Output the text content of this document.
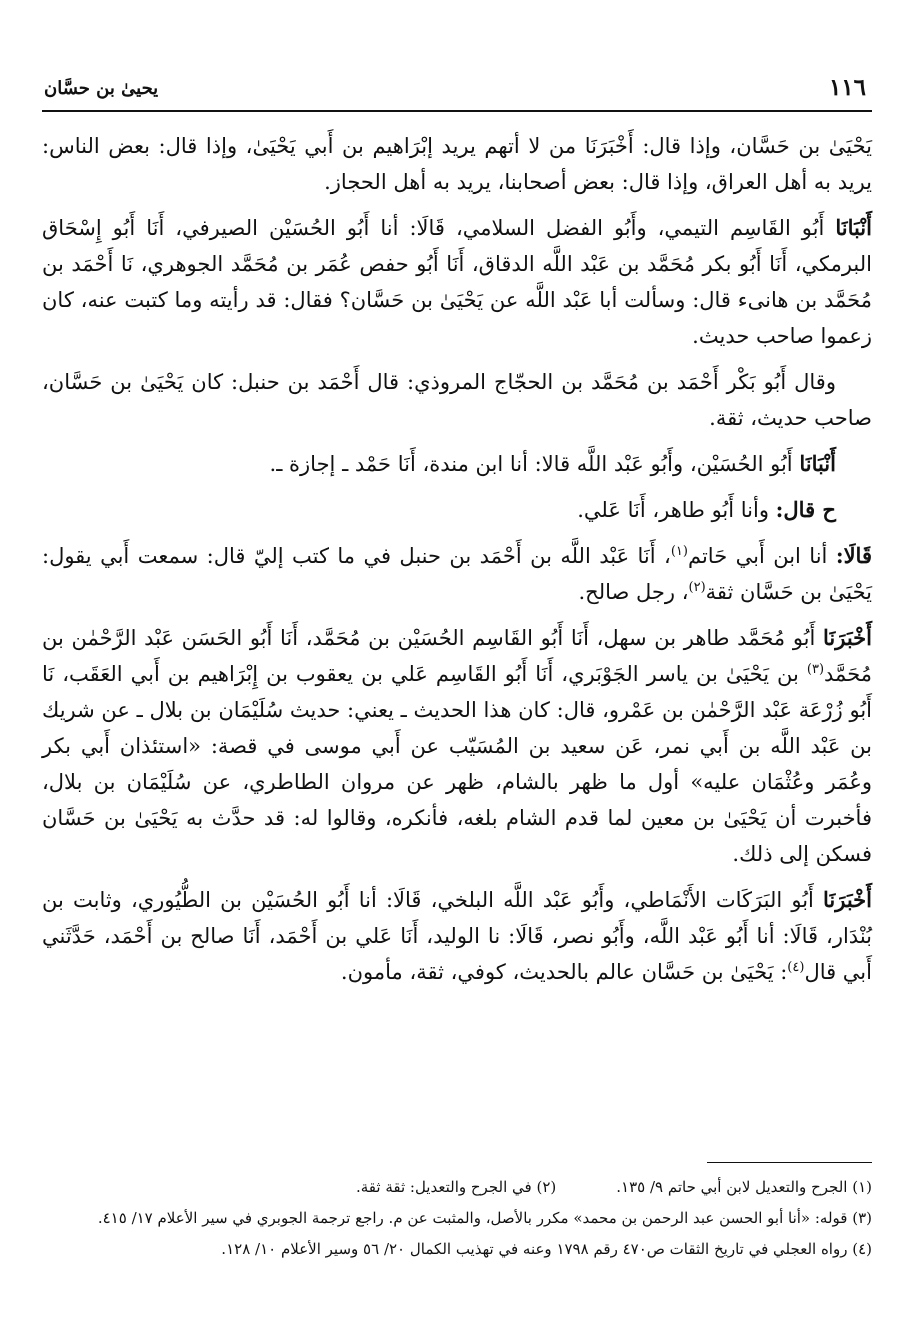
١١٦
يحيىٰ بن حسَّان

يَحْيَىٰ بن حَسَّان، وإذا قال: أَخْبَرَنَا من لا أتهم يريد إبْرَاهيم بن أَبي يَحْيَىٰ، وإذا قال: بعض الناس: يريد به أهل العراق، وإذا قال: بعض أصحابنا، يريد به أهل الحجاز.

أَنْبَانَا أَبُو القَاسِم التيمي، وأَبُو الفضل السلامي، قَالَا: أنا أَبُو الحُسَيْن الصيرفي، أَنَا أَبُو إِسْحَاق البرمكي، أَنَا أَبُو بكر مُحَمَّد بن عَبْد اللَّه الدقاق، أَنَا أَبُو حفص عُمَر بن مُحَمَّد الجوهري، نَا أَحْمَد بن مُحَمَّد بن هانىء قال: وسألت أبا عَبْد اللَّه عن يَحْيَىٰ بن حَسَّان؟ فقال: قد رأيته وما كتبت عنه، كان زعموا صاحب حديث.

وقال أَبُو بَكْر أَحْمَد بن مُحَمَّد بن الحجّاج المروذي: قال أَحْمَد بن حنبل: كان يَحْيَىٰ بن حَسَّان، صاحب حديث، ثقة.

أَنْبَانَا أَبُو الحُسَيْن، وأَبُو عَبْد اللَّه قالا: أنا ابن مندة، أَنَا حَمْد ـ إجازة ـ.

ح قال: وأنا أَبُو طاهر، أَنَا عَلي.

قَالَا: أنا ابن أَبي حَاتم$^{(١)}$، أَنَا عَبْد اللَّه بن أَحْمَد بن حنبل في ما كتب إليّ قال: سمعت أَبي يقول: يَحْيَىٰ بن حَسَّان ثقة$^{(٢)}$، رجل صالح.

أَخْبَرَنَا أَبُو مُحَمَّد طاهر بن سهل، أَنَا أَبُو القَاسِم الحُسَيْن بن مُحَمَّد، أَنَا أَبُو الحَسَن عَبْد الرَّحْمٰن بن مُحَمَّد$^{(٣)}$ بن يَحْيَىٰ بن ياسر الجَوْبَري، أَنَا أَبُو القَاسِم عَلي بن يعقوب بن إِبْرَاهيم بن أَبي العَقَب، نَا أَبُو زُرْعَة عَبْد الرَّحْمٰن بن عَمْرو، قال: كان هذا الحديث ـ يعني: حديث سُلَيْمَان بن بلال ـ عن شريك بن عَبْد اللَّه بن أَبي نمر، عَن سعيد بن المُسَيّب عن أَبي موسى في قصة: «استئذان أَبي بكر وعُمَر وعُثْمَان عليه» أول ما ظهر بالشام، ظهر عن مروان الطاطري، عن سُلَيْمَان بن بلال، فأخبرت أن يَحْيَىٰ بن معين لما قدم الشام بلغه، فأنكره، وقالوا له: قد حدَّث به يَحْيَىٰ بن حَسَّان فسكن إلى ذلك.

أَخْبَرَنَا أَبُو البَرَكَات الأَنْمَاطي، وأَبُو عَبْد اللَّه البلخي، قَالَا: أنا أَبُو الحُسَيْن بن الطُّيُوري، وثابت بن بُنْدَار، قَالَا: أنا أَبُو عَبْد اللَّه، وأَبُو نصر، قَالَا: نا الوليد، أَنَا عَلي بن أَحْمَد، أَنَا صالح بن أَحْمَد، حَدَّثَني أَبي قال$^{(٤)}$: يَحْيَىٰ بن حَسَّان عالم بالحديث، كوفي، ثقة، مأمون.

(١) الجرح والتعديل لابن أبي حاتم ٩/ ١٣٥.
(٢) في الجرح والتعديل: ثقة ثقة.

(٣) قوله: «أنا أبو الحسن عبد الرحمن بن محمد» مكرر بالأصل، والمثبت عن م. راجع ترجمة الجوبري في سير الأعلام ١٧/ ٤١٥.

(٤) رواه العجلي في تاريخ الثقات ص٤٧٠ رقم ١٧٩٨ وعنه في تهذيب الكمال ٢٠/ ٥٦ وسير الأعلام ١٠/ ١٢٨.
